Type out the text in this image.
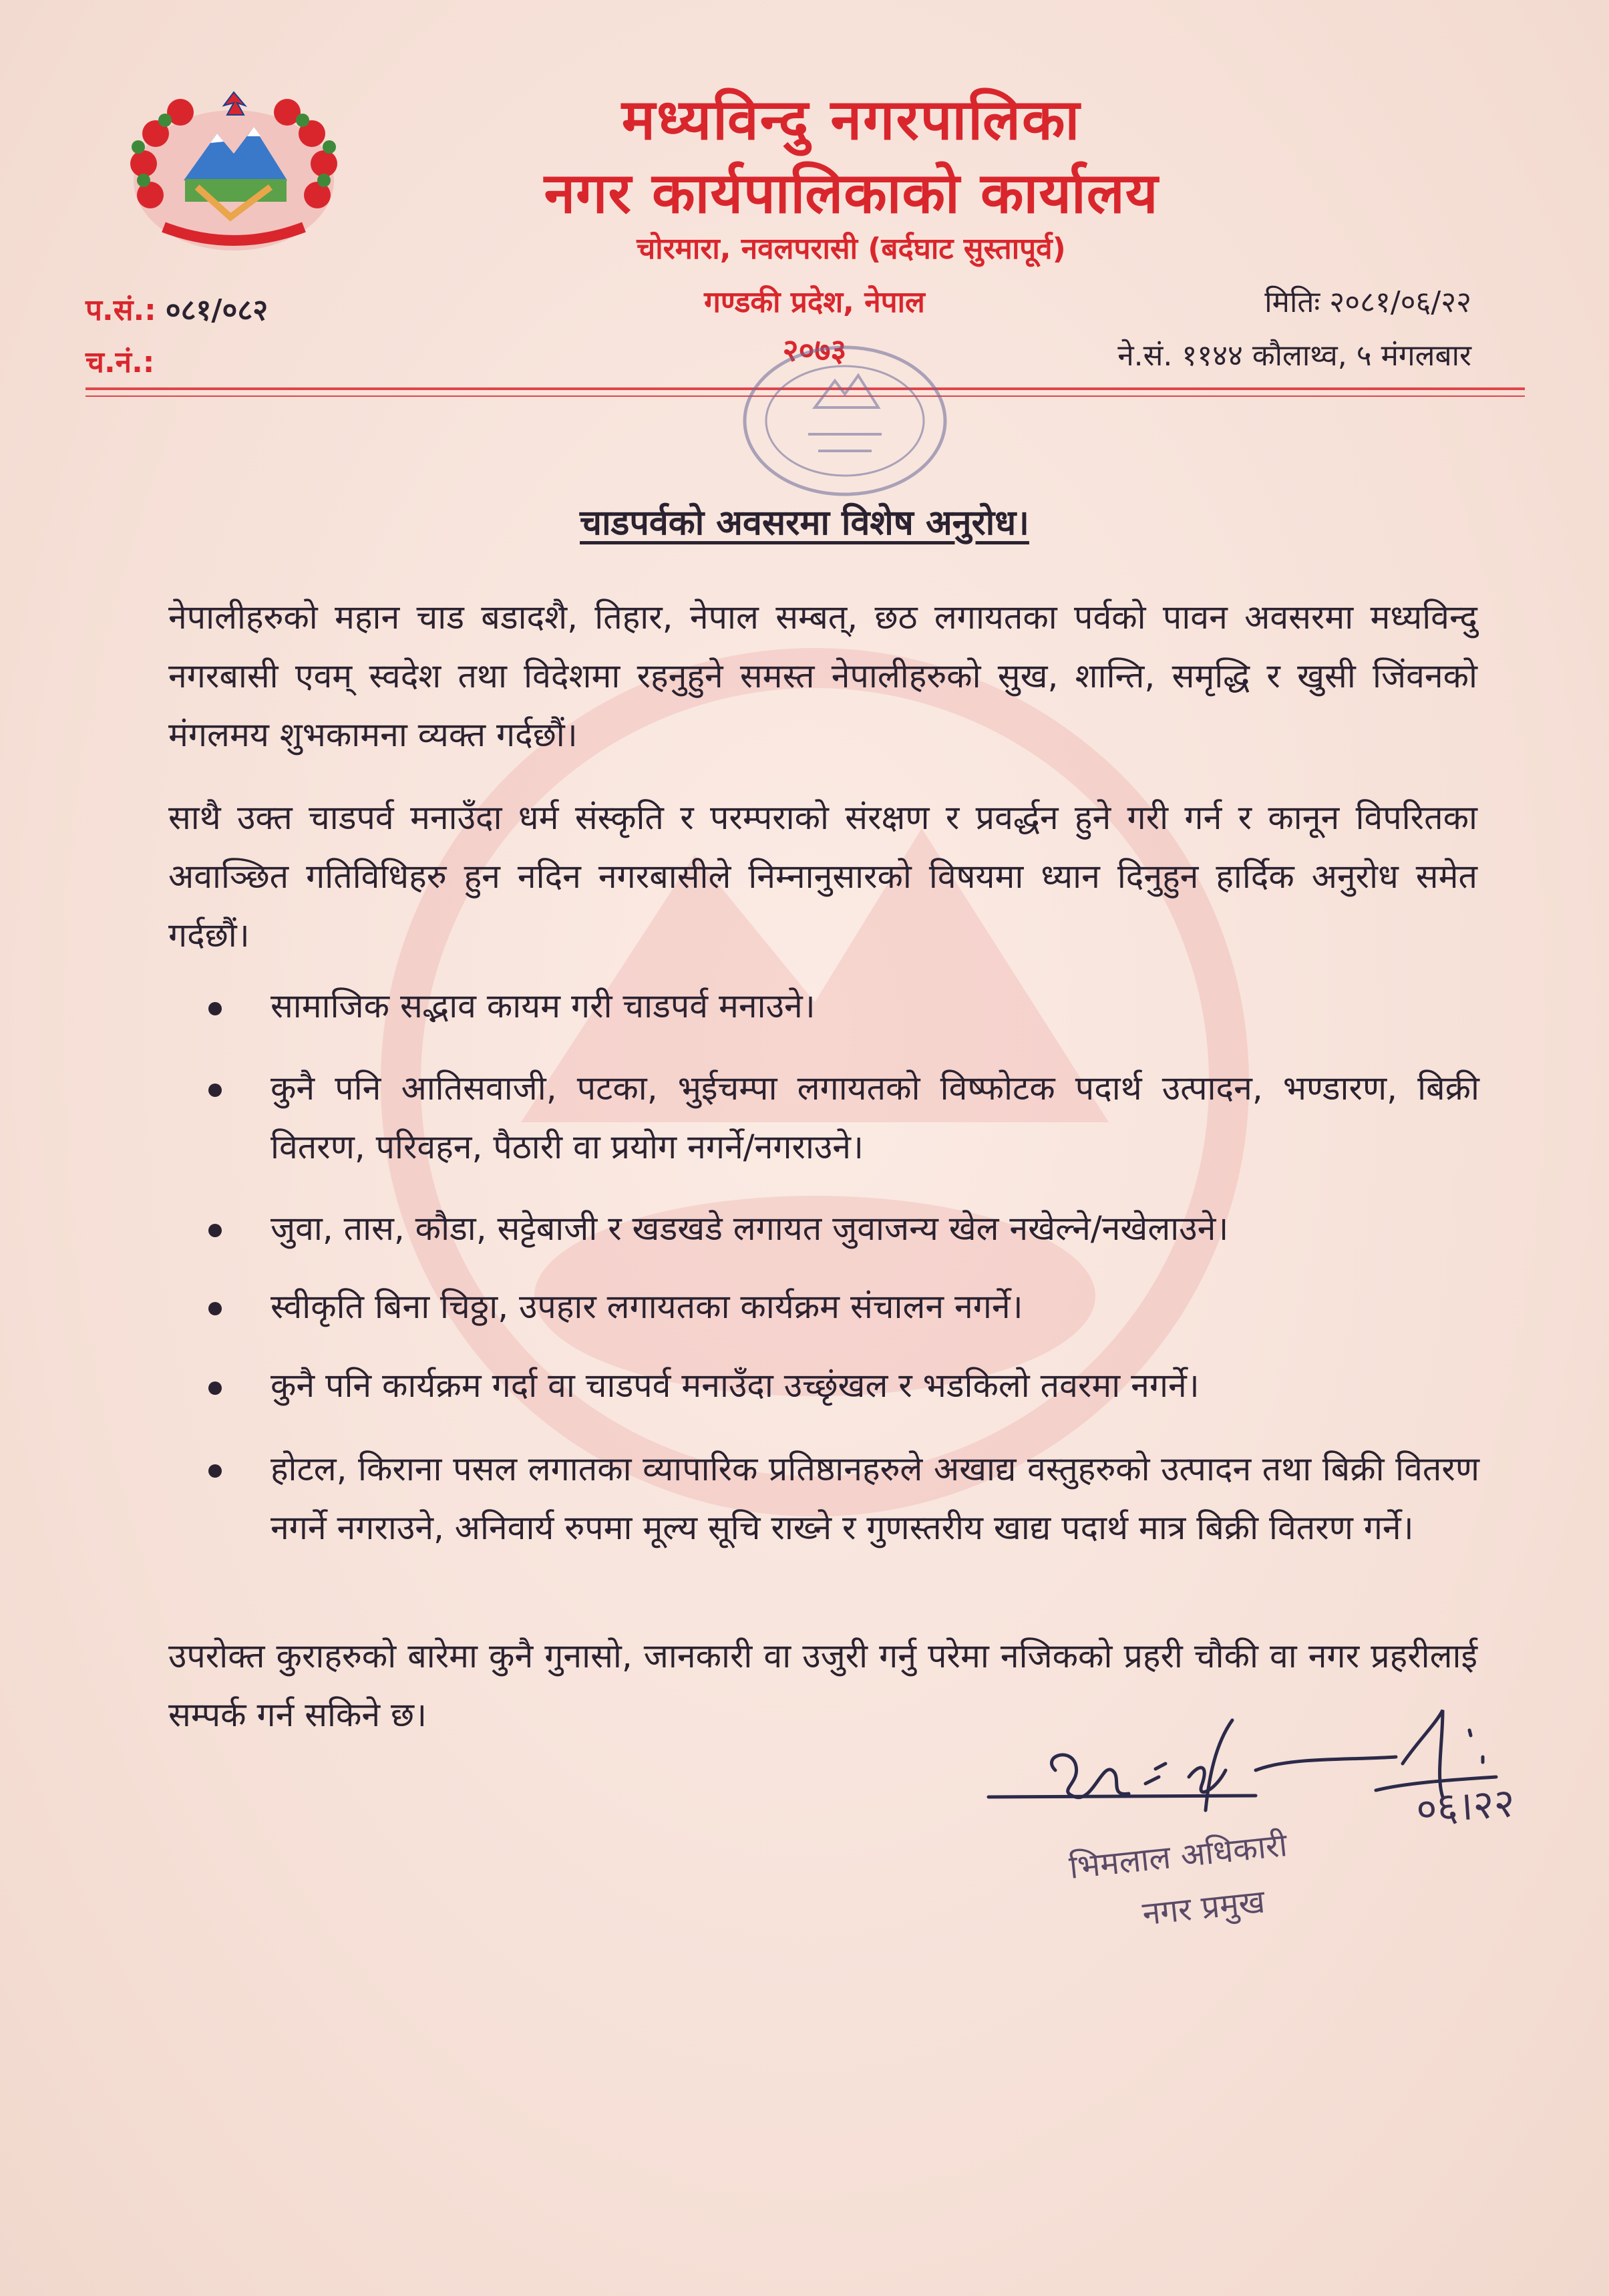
मध्यविन्दु नगरपालिका
नगर कार्यपालिकाको कार्यालय
चोरमारा, नवलपरासी (बर्दघाट सुस्तापूर्व)
गण्डकी प्रदेश, नेपाल
२०७३
प.सं.: ०८१/०८२
च.नं.:
मितिः २०८१/०६/२२
ने.सं. ११४४ कौलाथ्व, ५ मंगलबार
चाडपर्वको अवसरमा विशेष अनुरोध।
नेपालीहरुको महान चाड बडादशै, तिहार, नेपाल सम्बत्, छठ लगायतका पर्वको पावन अवसरमा मध्यविन्दु नगरबासी एवम् स्वदेश तथा विदेशमा रहनुहुने समस्त नेपालीहरुको सुख, शान्ति, समृद्धि र खुसी जिंवनको मंगलमय शुभकामना व्यक्त गर्दछौं।
साथै उक्त चाडपर्व मनाउँदा धर्म संस्कृति र परम्पराको संरक्षण र प्रवर्द्धन हुने गरी गर्न र कानून विपरितका अवाञ्छित गतिविधिहरु हुन नदिन नगरबासीले निम्नानुसारको विषयमा ध्यान दिनुहुन हार्दिक अनुरोध समेत गर्दछौं।
सामाजिक सद्भाव कायम गरी चाडपर्व मनाउने।
कुनै पनि आतिसवाजी, पटका, भुईचम्पा लगायतको विष्फोटक पदार्थ उत्पादन, भण्डारण, बिक्री वितरण, परिवहन, पैठारी वा प्रयोग नगर्ने/नगराउने।
जुवा, तास, कौडा, सट्टेबाजी र खडखडे लगायत जुवाजन्य खेल नखेल्ने/नखेलाउने।
स्वीकृति बिना चिठ्ठा, उपहार लगायतका कार्यक्रम संचालन नगर्ने।
कुनै पनि कार्यक्रम गर्दा वा चाडपर्व मनाउँदा उच्छृंखल र भडकिलो तवरमा नगर्ने।
होटल, किराना पसल लगातका व्यापारिक प्रतिष्ठानहरुले अखाद्य वस्तुहरुको उत्पादन तथा बिक्री वितरण नगर्ने नगराउने, अनिवार्य रुपमा मूल्य सूचि राख्ने र गुणस्तरीय खाद्य पदार्थ मात्र बिक्री वितरण गर्ने।
उपरोक्त कुराहरुको बारेमा कुनै गुनासो, जानकारी वा उजुरी गर्नु परेमा नजिकको प्रहरी चौकी वा नगर प्रहरीलाई सम्पर्क गर्न सकिने छ।
०६।२२
भिमलाल अधिकारी
नगर प्रमुख
